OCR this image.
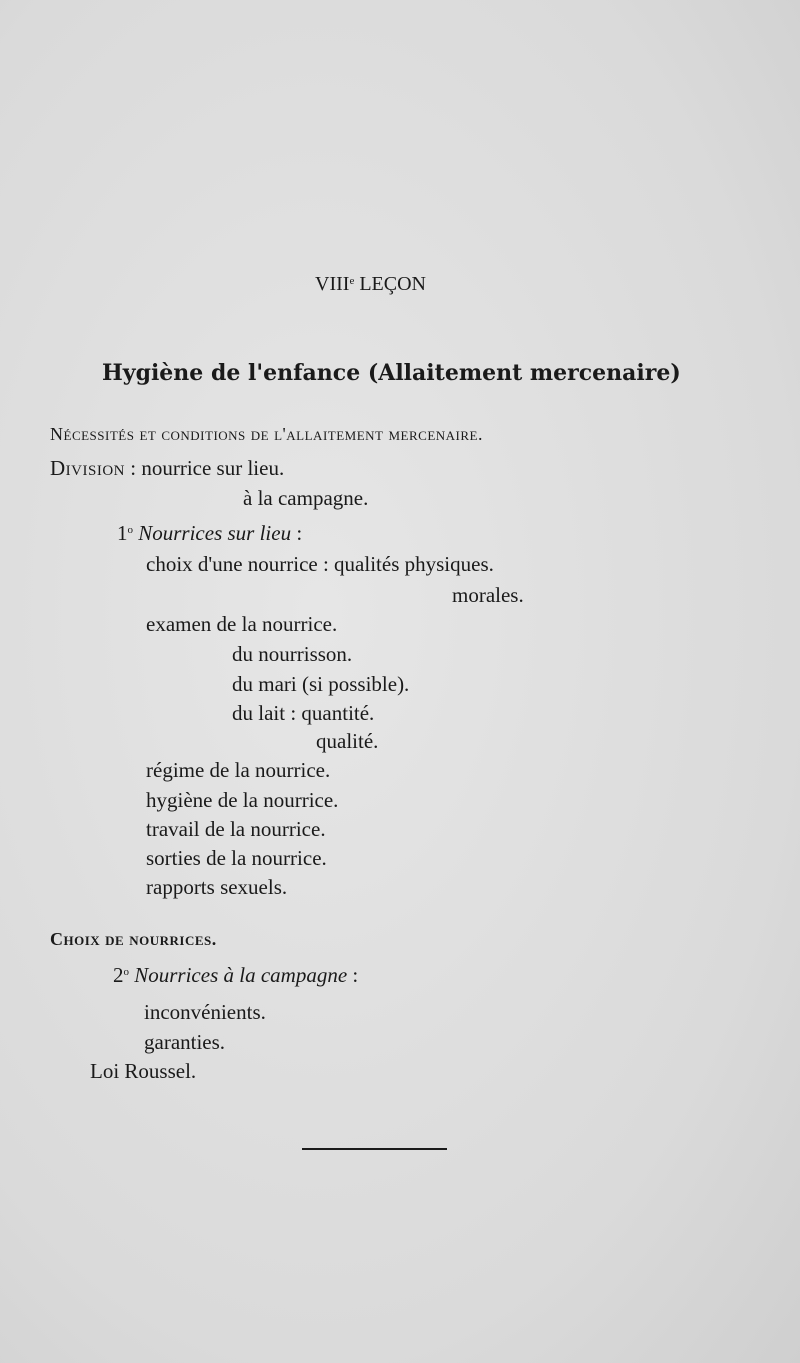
VIIIe LEÇON
Hygiène de l'enfance (Allaitement mercenaire)
Nécessités et conditions de l'allaitement mercenaire.
Division : nourrice sur lieu.
à la campagne.
1$^o$ Nourrices sur lieu :
choix d'une nourrice : qualités physiques.
morales.
examen de la nourrice.
du nourrisson.
du mari (si possible).
du lait : quantité.
qualité.
régime de la nourrice.
hygiène de la nourrice.
travail de la nourrice.
sorties de la nourrice.
rapports sexuels.
Choix de nourrices.
2$^o$ Nourrices à la campagne :
inconvénients.
garanties.
Loi Roussel.
